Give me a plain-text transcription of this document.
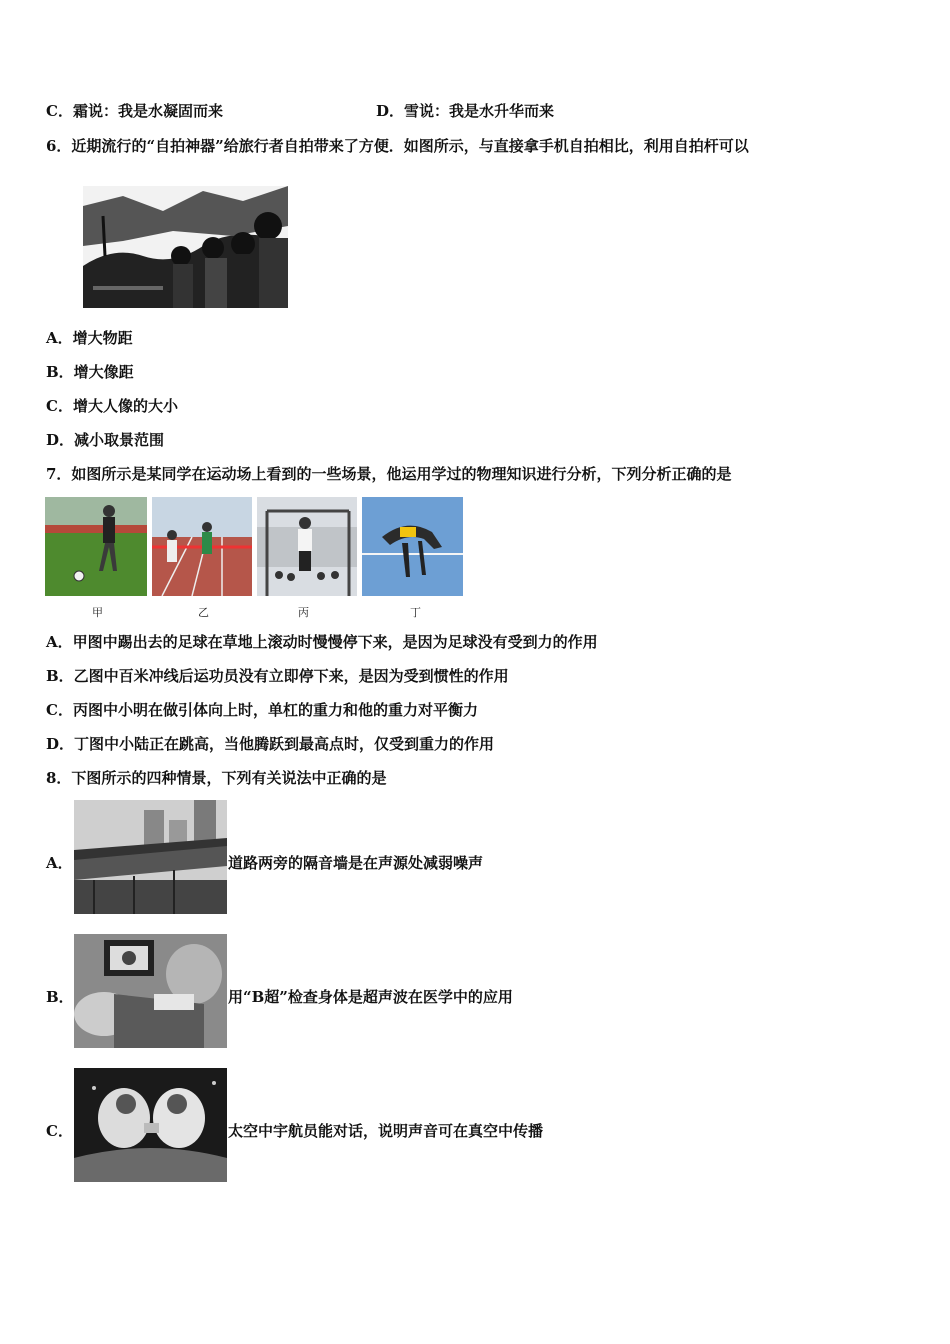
C．霜说：我是水凝固而来	D．雪说：我是水升华而来
6．近期流行的“自拍神器”给旅行者自拍带来了方便．如图所示，与直接拿手机自拍相比，利用自拍杆可以
A．增大物距
B．增大像距
C．增大人像的大小
D．减小取景范围
7．如图所示是某同学在运动场上看到的一些场景，他运用学过的物理知识进行分析，下列分析正确的是
甲	乙	丙	丁
A．甲图中踢出去的足球在草地上滚动时慢慢停下来，是因为足球没有受到力的作用
B．乙图中百米冲线后运功员没有立即停下来，是因为受到惯性的作用
C．丙图中小明在做引体向上时，单杠的重力和他的重力对平衡力
D．丁图中小陆正在跳高，当他腾跃到最高点时，仅受到重力的作用
8．下图所示的四种情景，下列有关说法中正确的是
A．	道路两旁的隔音墙是在声源处减弱噪声
B．	用“B超”检查身体是超声波在医学中的应用
C．	太空中宇航员能对话，说明声音可在真空中传播
